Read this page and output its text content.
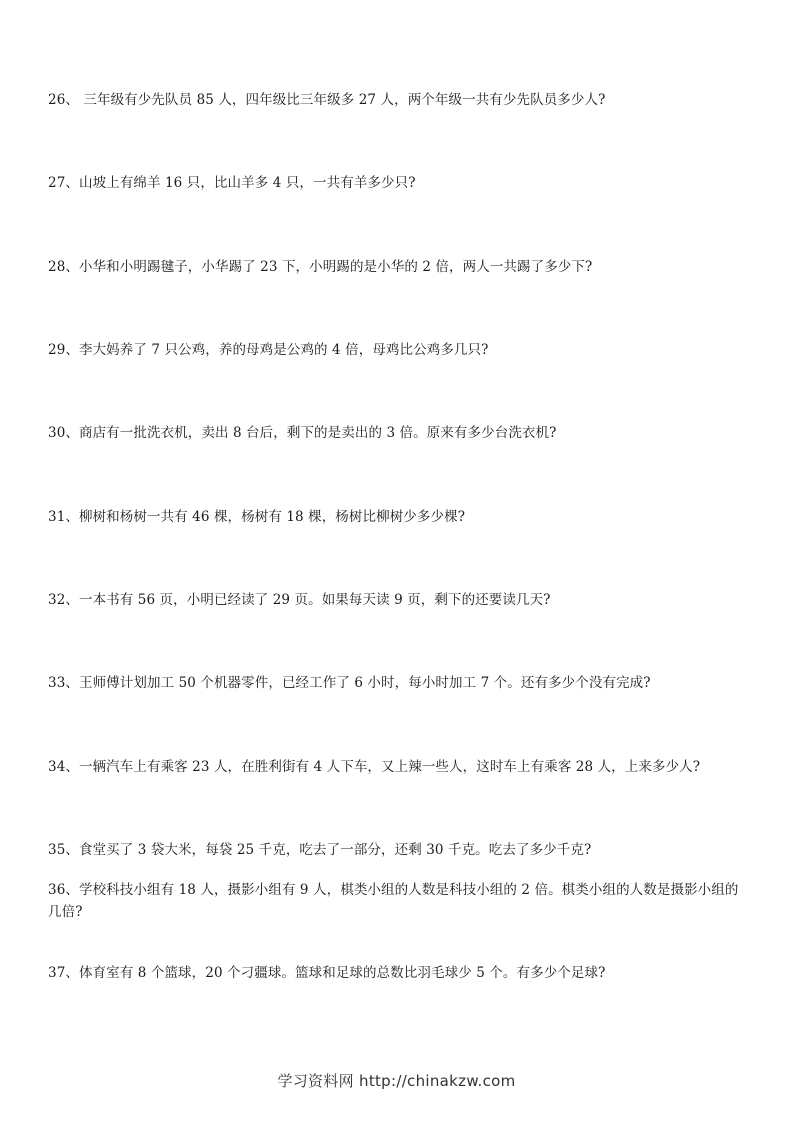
26、 三年级有少先队员 85 人，四年级比三年级多 27 人，两个年级一共有少先队员多少人?
27、山坡上有绵羊 16 只，比山羊多 4 只，一共有羊多少只?
28、小华和小明踢毽子，小华踢了 23 下，小明踢的是小华的 2 倍，两人一共踢了多少下?
29、李大妈养了 7 只公鸡，养的母鸡是公鸡的 4 倍，母鸡比公鸡多几只?
30、商店有一批洗衣机，卖出 8 台后，剩下的是卖出的 3 倍。原来有多少台洗衣机?
31、柳树和杨树一共有 46 棵，杨树有 18 棵，杨树比柳树少多少棵?
32、一本书有 56 页，小明已经读了 29 页。如果每天读 9 页，剩下的还要读几天?
33、王师傅计划加工 50 个机器零件，已经工作了 6 小时，每小时加工 7 个。还有多少个没有完成?
34、一辆汽车上有乘客 23 人，在胜利街有 4 人下车，又上辣一些人，这时车上有乘客 28 人，上来多少人?
35、食堂买了 3 袋大米，每袋 25 千克，吃去了一部分，还剩 30 千克。吃去了多少千克?
36、学校科技小组有 18 人，摄影小组有 9 人，棋类小组的人数是科技小组的 2 倍。棋类小组的人数是摄影小组的几倍?
37、体育室有 8 个篮球，20 个刁疆球。篮球和足球的总数比羽毛球少 5 个。有多少个足球?
学习资料网 http://chinakzw.com
